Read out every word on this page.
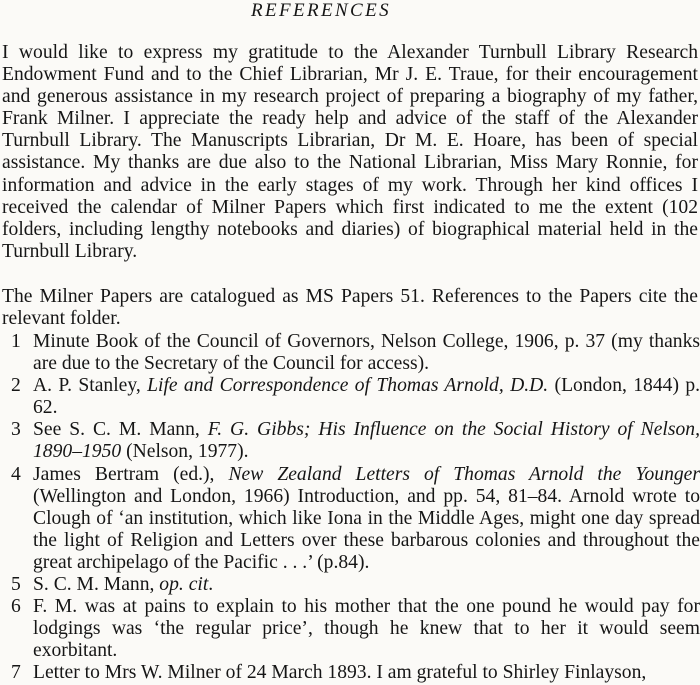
REFERENCES

I would like to express my gratitude to the Alexander Turnbull Library Research Endowment Fund and to the Chief Librarian, Mr J. E. Traue, for their encouragement and generous assistance in my research project of preparing a biography of my father, Frank Milner. I appreciate the ready help and advice of the staff of the Alexander Turnbull Library. The Manuscripts Librarian, Dr M. E. Hoare, has been of special assistance. My thanks are due also to the National Librarian, Miss Mary Ronnie, for information and advice in the early stages of my work. Through her kind offices I received the calendar of Milner Papers which first indicated to me the extent (102 folders, including lengthy notebooks and diaries) of biographical material held in the Turnbull Library.

The Milner Papers are catalogued as MS Papers 51. References to the Papers cite the relevant folder.

1 Minute Book of the Council of Governors, Nelson College, 1906, p. 37 (my thanks are due to the Secretary of the Council for access).
2 A. P. Stanley, Life and Correspondence of Thomas Arnold, D.D. (London, 1844) p. 62.
3 See S. C. M. Mann, F. G. Gibbs; His Influence on the Social History of Nelson, 1890–1950 (Nelson, 1977).
4 James Bertram (ed.), New Zealand Letters of Thomas Arnold the Younger (Wellington and London, 1966) Introduction, and pp. 54, 81–84. Arnold wrote to Clough of ‘an institution, which like Iona in the Middle Ages, might one day spread the light of Religion and Letters over these barbarous colonies and throughout the great archipelago of the Pacific . . .’ (p.84).
5 S. C. M. Mann, op. cit.
6 F. M. was at pains to explain to his mother that the one pound he would pay for lodgings was ‘the regular price’, though he knew that to her it would seem exorbitant.
7 Letter to Mrs W. Milner of 24 March 1893. I am grateful to Shirley Finlayson,
